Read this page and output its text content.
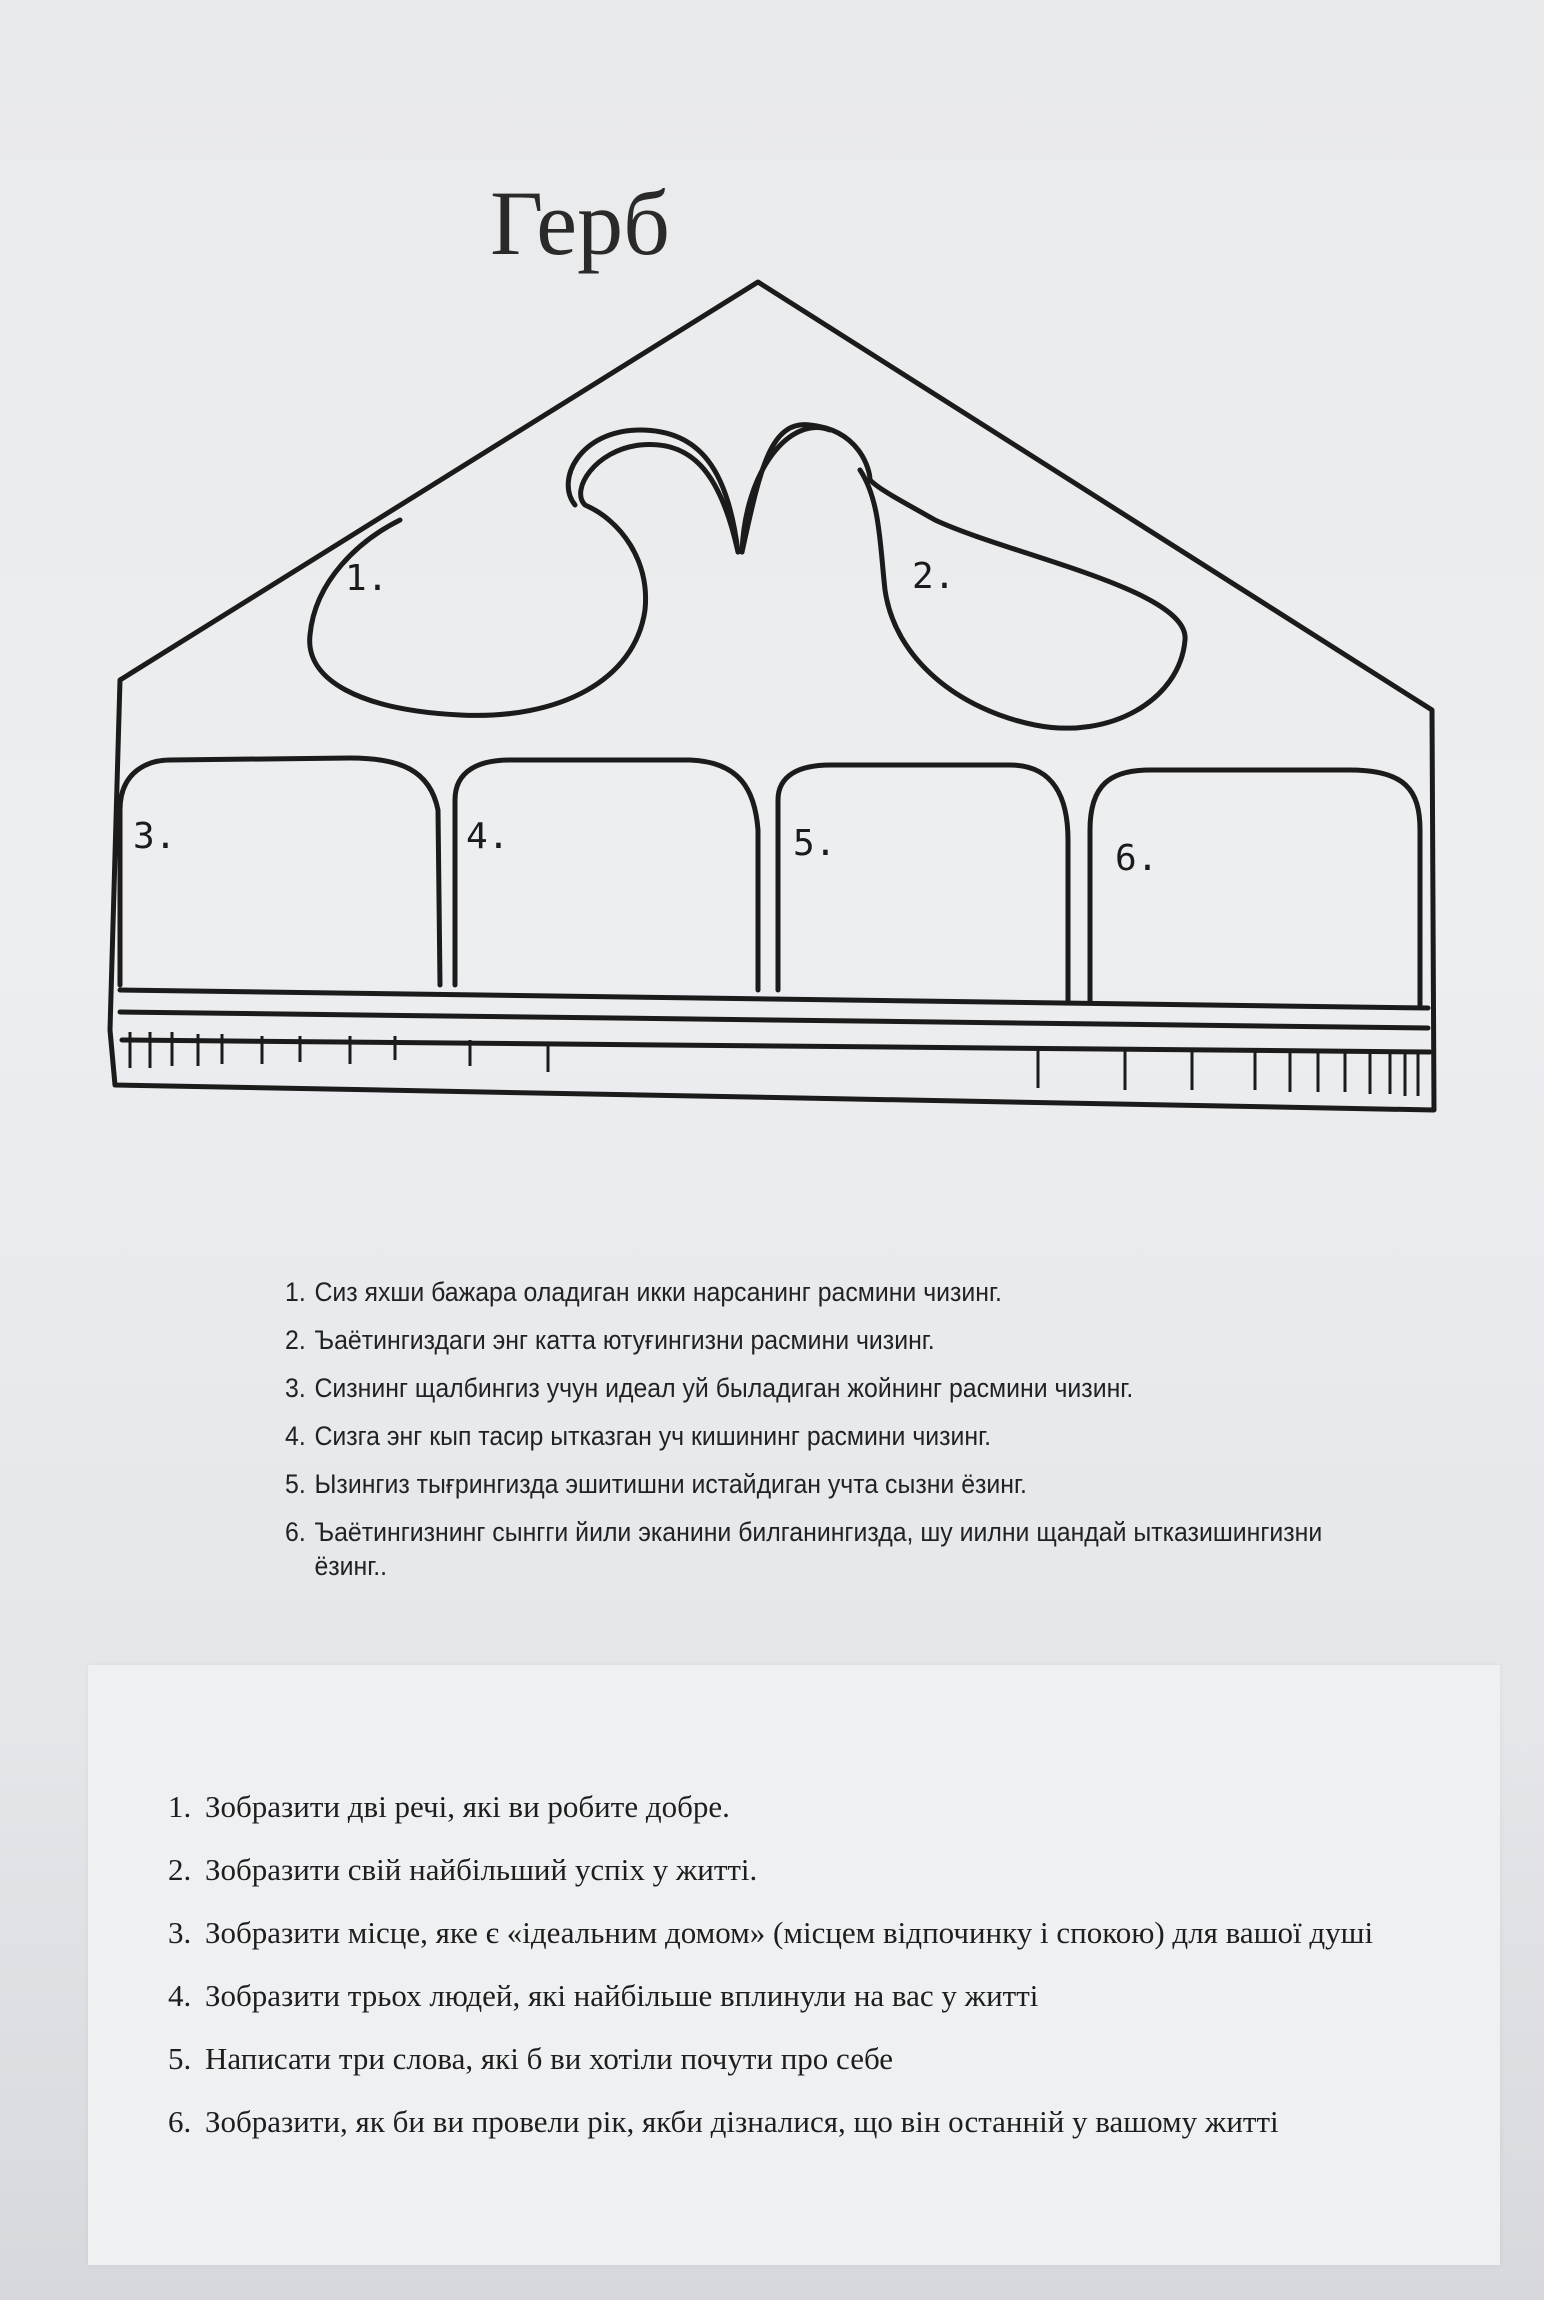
Герб
1.	2.
3.	4.	5.	6.
1. Сиз яхши бажара оладиган икки нарсанинг расмини чизинг.
2. Ъаётингиздаги энг катта ютуғингизни расмини чизинг.
3. Сизнинг щалбингиз учун идеал уй быладиган жойнинг расмини чизинг.
4. Сизга энг кып тасир ытказган уч кишининг расмини чизинг.
5. Ызингиз тығрингизда эшитишни истайдиган учта сызни ёзинг.
6. Ъаётингизнинг сынгги йили эканини билганингизда, шу иилни щандай ытказишингизни ёзинг..
1. Зобразити дві речі, які ви робите добре.
2. Зобразити свій найбільший успіх у житті.
3. Зобразити місце, яке є «ідеальним домом» (місцем відпочинку і спокою) для вашої душі
4. Зобразити трьох людей, які найбільше вплинули на вас у житті
5. Написати три слова, які б ви хотіли почути про себе
6. Зобразити, як би ви провели рік, якби дізналися, що він останній у вашому житті
